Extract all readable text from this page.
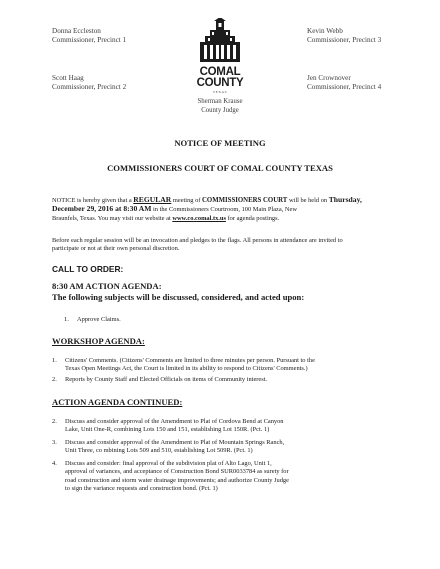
Donna Eccleston
Commissioner, Precinct 1
Scott Haag
Commissioner, Precinct 2
Kevin Webb
Commissioner, Precinct 3
Jen Crownover
Commissioner, Precinct 4
COMAL
COUNTY
TEXAS
Sherman Krause
County Judge
NOTICE OF MEETING
COMMISSIONERS COURT OF COMAL COUNTY TEXAS
NOTICE is hereby given that a REGULAR meeting of COMMISSIONERS COURT will be held on Thursday,
December 29, 2016 at 8:30 AM in the Commissioners Courtroom, 100 Main Plaza, New
Braunfels, Texas. You may visit our website at www.co.comal.tx.us for agenda postings.
Before each regular session will be an invocation and pledges to the flags. All persons in attendance are invited to
participate or not at their own personal discretion.
CALL TO ORDER:
8:30 AM ACTION AGENDA:
The following subjects will be discussed, considered, and acted upon:
1. Approve Claims.
WORKSHOP AGENDA:
1. Citizens' Comments. (Citizens' Comments are limited to three minutes per person. Pursuant to the
Texas Open Meetings Act, the Court is limited in its ability to respond to Citizens' Comments.)
2. Reports by County Staff and Elected Officials on items of Community interest.
ACTION AGENDA CONTINUED:
2. Discuss and consider approval of the Amendment to Plat of Cordova Bend at Canyon
Lake, Unit One-R, combining Lots 150 and 151, establishing Lot 150R. (Pct. 1)
3. Discuss and consider approval of the Amendment to Plat of Mountain Springs Ranch,
Unit Three, co mbining Lots 509 and 510, establishing Lot 509R. (Pct. 1)
4. Discuss and consider: final approval of the subdivision plat of Alto Lago, Unit 1,
approval of variances, and acceptance of Construction Bond SUR0033784 as surety for
road construction and storm water drainage improvements; and authorize County Judge
to sign the variance requests and construction bond. (Pct. 1)
